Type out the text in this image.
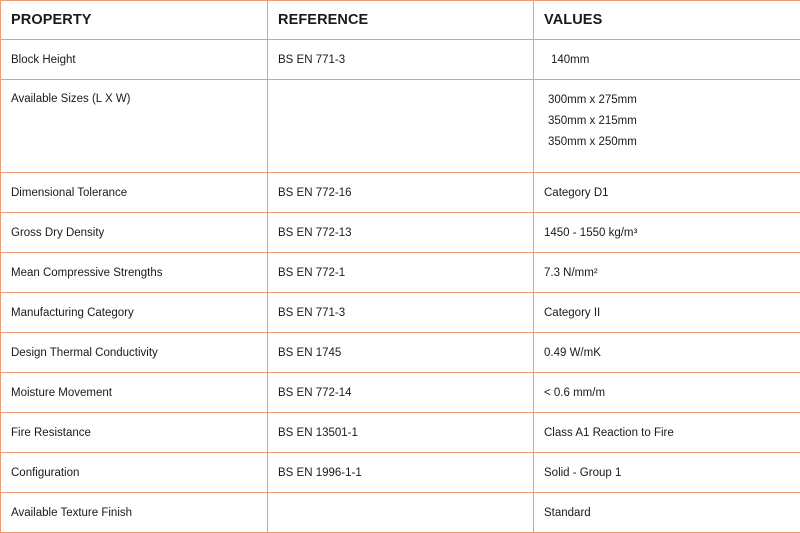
PROPERTY	REFERENCE	VALUES
Block Height	BS EN 771-3	140mm
Available Sizes (L X W)		300mm x 275mm
350mm x 215mm
350mm x 250mm

Dimensional Tolerance	BS EN 772-16	Category D1
Gross Dry Density	BS EN 772-13	1450 - 1550 kg/m³
Mean Compressive Strengths	BS EN 772-1	7.3 N/mm²
Manufacturing Category	BS EN 771-3	Category II
Design Thermal Conductivity	BS EN 1745	0.49 W/mK
Moisture Movement	BS EN 772-14	< 0.6 mm/m
Fire Resistance	BS EN 13501-1	Class A1 Reaction to Fire
Configuration	BS EN 1996-1-1	Solid - Group 1
Available Texture Finish		Standard
